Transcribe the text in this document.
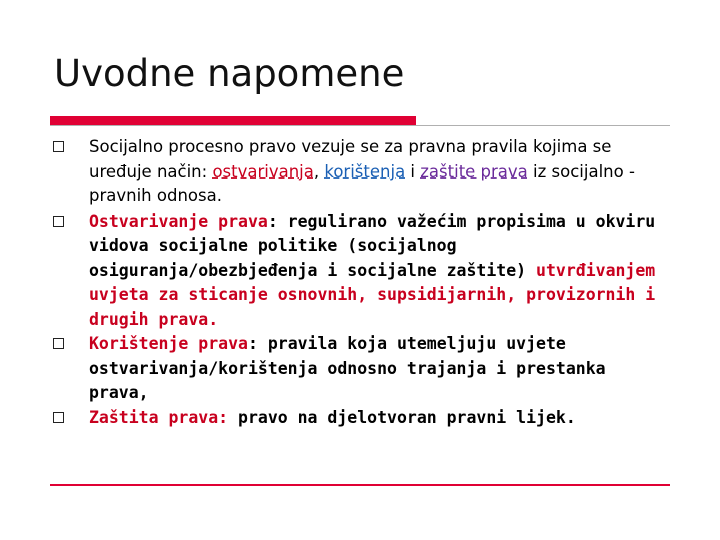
Uvodne napomene
Socijalno procesno pravo vezuje se za pravna pravila kojima se uređuje način: ostvarivanja, korištenja i zaštite prava iz socijalno - pravnih odnosa.
Ostvarivanje prava: regulirano važećim propisima u okviru vidova socijalne politike (socijalnog osiguranja/obezbjeđenja i socijalne zaštite) utvrđivanjem uvjeta za sticanje osnovnih, supsidijarnih, provizornih i drugih prava.
Korištenje prava: pravila koja utemeljuju uvjete ostvarivanja/korištenja odnosno trajanja i prestanka prava,
Zaštita prava: pravo na djelotvoran pravni lijek.
